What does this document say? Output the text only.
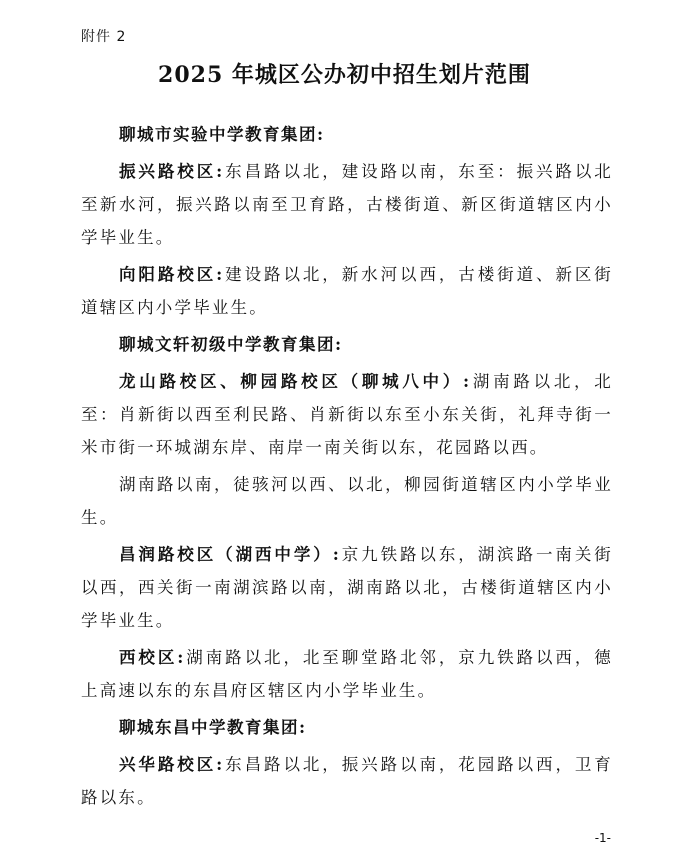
附件 2
2025 年城区公办初中招生划片范围

聊城市实验中学教育集团:

振兴路校区:东昌路以北，建设路以南，东至：振兴路以北至新水河，振兴路以南至卫育路，古楼街道、新区街道辖区内小学毕业生。

向阳路校区:建设路以北，新水河以西，古楼街道、新区街道辖区内小学毕业生。

聊城文轩初级中学教育集团:

龙山路校区、柳园路校区（聊城八中）:湖南路以北，北至：肖新街以西至利民路、肖新街以东至小东关街，礼拜寺街一米市街一环城湖东岸、南岸一南关街以东，花园路以西。

湖南路以南，徒骇河以西、以北，柳园街道辖区内小学毕业生。

昌润路校区（湖西中学）:京九铁路以东，湖滨路一南关街以西，西关街一南湖滨路以南，湖南路以北，古楼街道辖区内小学毕业生。

西校区:湖南路以北，北至聊堂路北邻，京九铁路以西，德上高速以东的东昌府区辖区内小学毕业生。

聊城东昌中学教育集团:

兴华路校区:东昌路以北，振兴路以南，花园路以西，卫育路以东。

-1-
